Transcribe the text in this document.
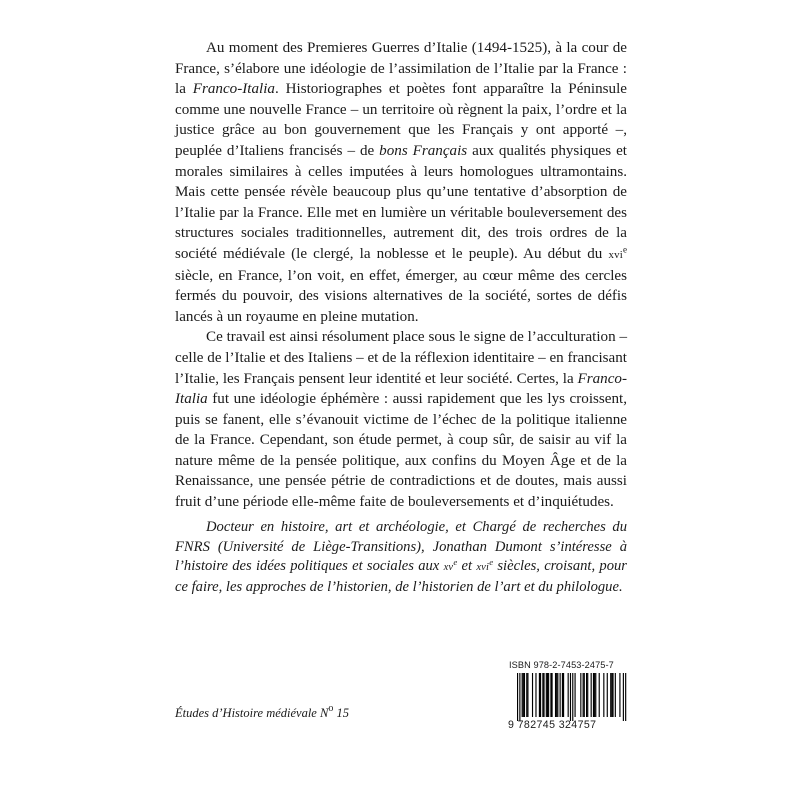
Au moment des Premieres Guerres d’Italie (1494-1525), à la cour de France, s’élabore une idéologie de l’assimilation de l’Italie par la France : la Franco-Italia. Historiographes et poètes font apparaître la Péninsule comme une nouvelle France – un territoire où règnent la paix, l’ordre et la justice grâce au bon gouvernement que les Français y ont apporté –, peuplée d’Italiens francisés – de bons Français aux qualités physiques et morales similaires à celles imputées à leurs homologues ultramontains. Mais cette pensée révèle beaucoup plus qu’une tentative d’absorption de l’Italie par la France. Elle met en lumière un véritable bouleversement des structures sociales traditionnelles, autrement dit, des trois ordres de la société médiévale (le clergé, la noblesse et le peuple). Au début du xvi$^e$ siècle, en France, l’on voit, en effet, émerger, au cœur même des cercles fermés du pouvoir, des visions alternatives de la société, sortes de défis lancés à un royaume en pleine mutation.

Ce travail est ainsi résolument place sous le signe de l’acculturation – celle de l’Italie et des Italiens – et de la réflexion identitaire – en francisant l’Italie, les Français pensent leur identité et leur société. Certes, la Franco-Italia fut une idéologie éphémère : aussi rapidement que les lys croissent, puis se fanent, elle s’évanouit victime de l’échec de la politique italienne de la France. Cependant, son étude permet, à coup sûr, de saisir au vif la nature même de la pensée politique, aux confins du Moyen Âge et de la Renaissance, une pensée pétrie de contradictions et de doutes, mais aussi fruit d’une période elle-même faite de bouleversements et d’inquiétudes.

Docteur en histoire, art et archéologie, et Chargé de recherches du FNRS (Université de Liège-Transitions), Jonathan Dumont s’intéresse à l’histoire des idées politiques et sociales aux $xv^e$ et xvi$^e$ siècles, croisant, pour ce faire, les approches de l’historien, de l’historien de l’art et du philologue.

Études d’Histoire médiévale $N^o$ 15
ISBN 978-2-7453-2475-7
9 782745 324757
